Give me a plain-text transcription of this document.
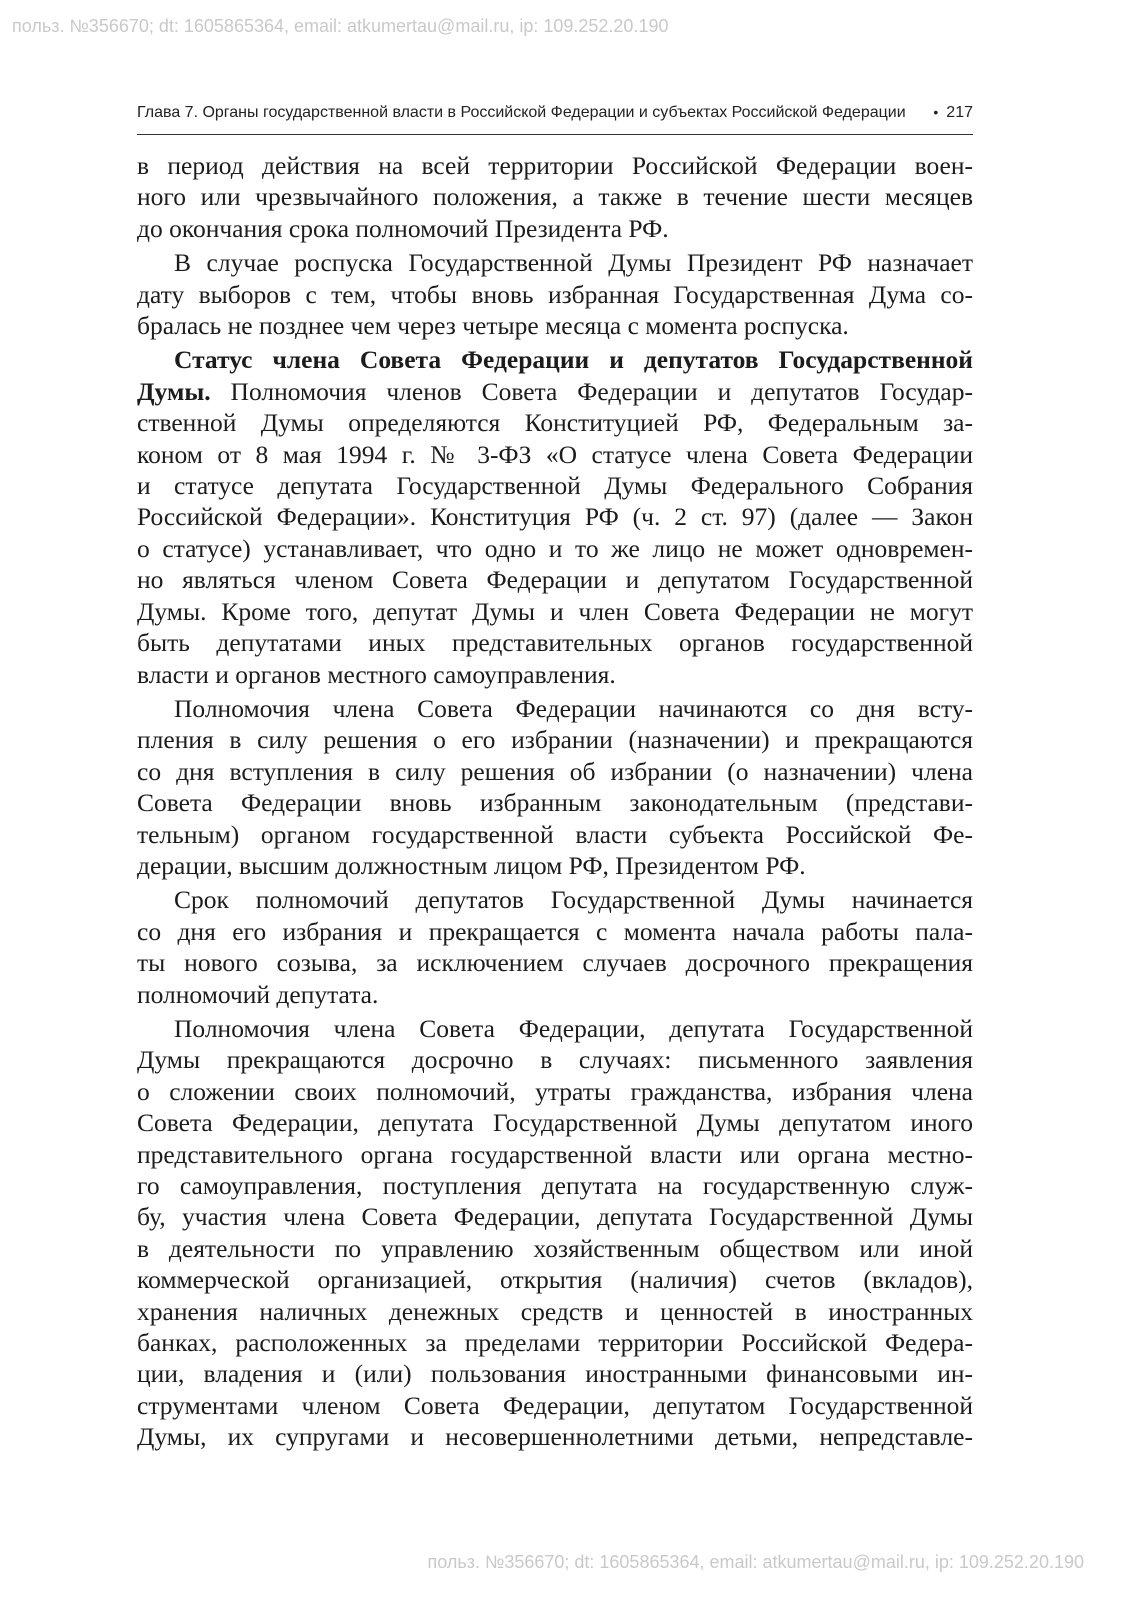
польз. №356670; dt: 1605865364, email: atkumertau@mail.ru, ip: 109.252.20.190
Глава 7. Органы государственной власти в Российской Федерации и субъектах Российской Федерации	• 217

в период действия на всей территории Российской Федерации воен-
ного или чрезвычайного положения, а также в течение шести месяцев
до окончания срока полномочий Президента РФ.

В случае роспуска Государственной Думы Президент РФ назначает
дату выборов с тем, чтобы вновь избранная Государственная Дума со-
бралась не позднее чем через четыре месяца с момента роспуска.

Статус члена Совета Федерации и депутатов Государственной
Думы. Полномочия членов Совета Федерации и депутатов Государ-
ственной Думы определяются Конституцией РФ, Федеральным за-
коном от 8 мая 1994 г. № 3-ФЗ «О статусе члена Совета Федерации
и статусе депутата Государственной Думы Федерального Собрания
Российской Федерации». Конституция РФ (ч. 2 ст. 97) (далее — Закон
о статусе) устанавливает, что одно и то же лицо не может одновремен-
но являться членом Совета Федерации и депутатом Государственной
Думы. Кроме того, депутат Думы и член Совета Федерации не могут
быть депутатами иных представительных органов государственной
власти и органов местного самоуправления.

Полномочия члена Совета Федерации начинаются со дня всту-
пления в силу решения о его избрании (назначении) и прекращаются
со дня вступления в силу решения об избрании (о назначении) члена
Совета Федерации вновь избранным законодательным (представи-
тельным) органом государственной власти субъекта Российской Фе-
дерации, высшим должностным лицом РФ, Президентом РФ.

Срок полномочий депутатов Государственной Думы начинается
со дня его избрания и прекращается с момента начала работы пала-
ты нового созыва, за исключением случаев досрочного прекращения
полномочий депутата.

Полномочия члена Совета Федерации, депутата Государственной
Думы прекращаются досрочно в случаях: письменного заявления
о сложении своих полномочий, утраты гражданства, избрания члена
Совета Федерации, депутата Государственной Думы депутатом иного
представительного органа государственной власти или органа местно-
го самоуправления, поступления депутата на государственную служ-
бу, участия члена Совета Федерации, депутата Государственной Думы
в деятельности по управлению хозяйственным обществом или иной
коммерческой организацией, открытия (наличия) счетов (вкладов),
хранения наличных денежных средств и ценностей в иностранных
банках, расположенных за пределами территории Российской Федера-
ции, владения и (или) пользования иностранными финансовыми ин-
струментами членом Совета Федерации, депутатом Государственной
Думы, их супругами и несовершеннолетними детьми, непредставле-

польз. №356670; dt: 1605865364, email: atkumertau@mail.ru, ip: 109.252.20.190
